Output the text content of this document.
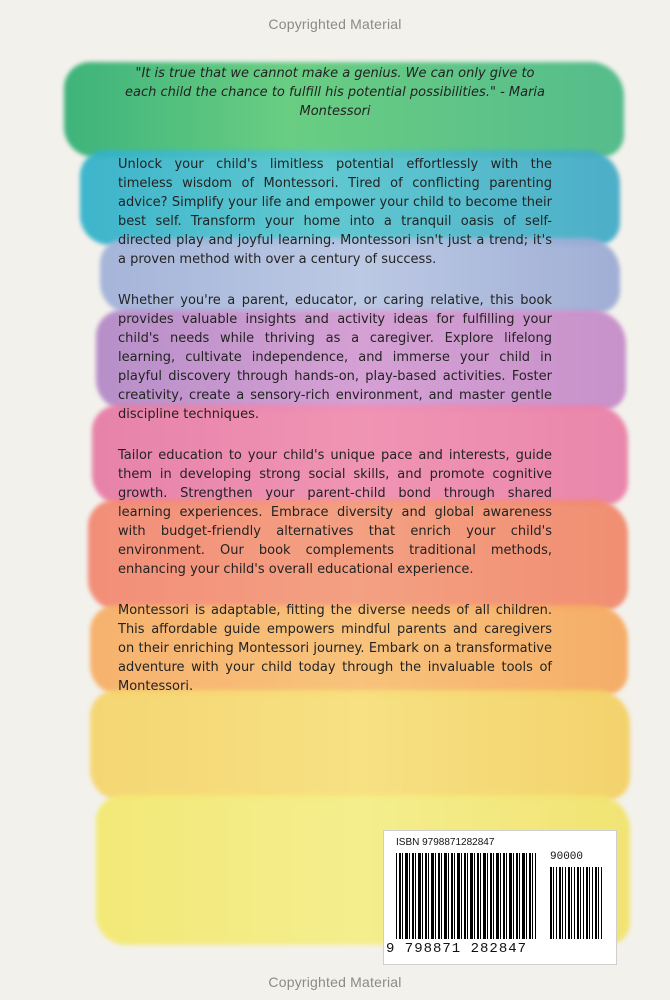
Copyrighted Material

"It is true that we cannot make a genius. We can only give to each child the chance to fulfill his potential possibilities." - Maria Montessori

Unlock your child's limitless potential effortlessly with the timeless wisdom of Montessori. Tired of conflicting parenting advice? Simplify your life and empower your child to become their best self. Transform your home into a tranquil oasis of self-directed play and joyful learning. Montessori isn't just a trend; it's a proven method with over a century of success.

Whether you're a parent, educator, or caring relative, this book provides valuable insights and activity ideas for fulfilling your child's needs while thriving as a caregiver. Explore lifelong learning, cultivate independence, and immerse your child in playful discovery through hands-on, play-based activities. Foster creativity, create a sensory-rich environment, and master gentle discipline techniques.

Tailor education to your child's unique pace and interests, guide them in developing strong social skills, and promote cognitive growth. Strengthen your parent-child bond through shared learning experiences. Embrace diversity and global awareness with budget-friendly alternatives that enrich your child's environment. Our book complements traditional methods, enhancing your child's overall educational experience.

Montessori is adaptable, fitting the diverse needs of all children. This affordable guide empowers mindful parents and caregivers on their enriching Montessori journey. Embark on a transformative adventure with your child today through the invaluable tools of Montessori.

ISBN 9798871282847
90000
9 798871 282847
Copyrighted Material
